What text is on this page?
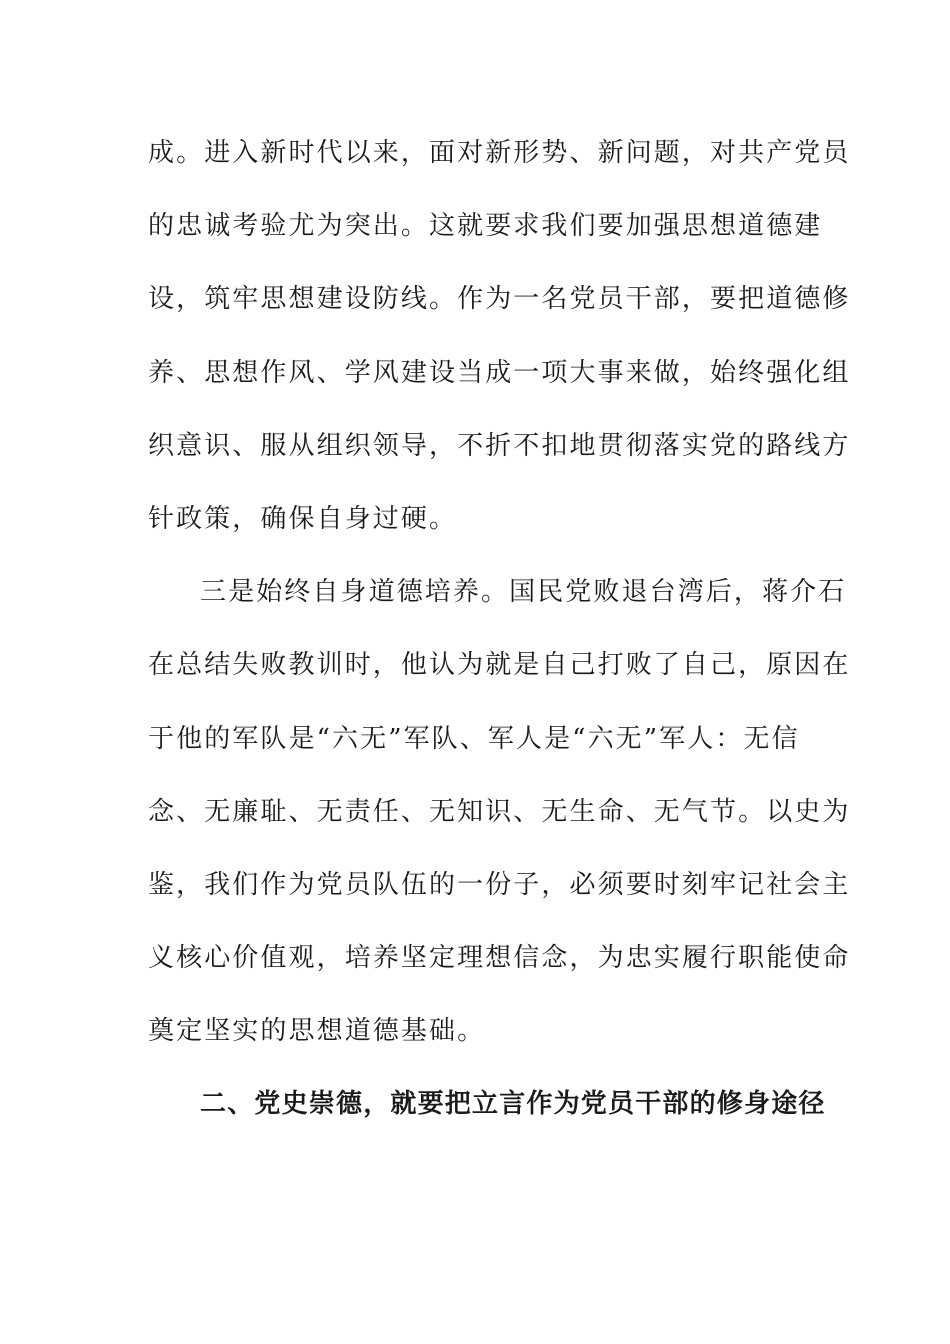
成。进入新时代以来，面对新形势、新问题，对共产党员
的忠诚考验尤为突出。这就要求我们要加强思想道德建
设，筑牢思想建设防线。作为一名党员干部，要把道德修
养、思想作风、学风建设当成一项大事来做，始终强化组
织意识、服从组织领导，不折不扣地贯彻落实党的路线方
针政策，确保自身过硬。
三是始终自身道德培养。国民党败退台湾后，蒋介石
在总结失败教训时，他认为就是自己打败了自己，原因在
于他的军队是“六无”军队、军人是“六无”军人：无信
念、无廉耻、无责任、无知识、无生命、无气节。以史为
鉴，我们作为党员队伍的一份子，必须要时刻牢记社会主
义核心价值观，培养坚定理想信念，为忠实履行职能使命
奠定坚实的思想道德基础。
二、党史崇德，就要把立言作为党员干部的修身途径
